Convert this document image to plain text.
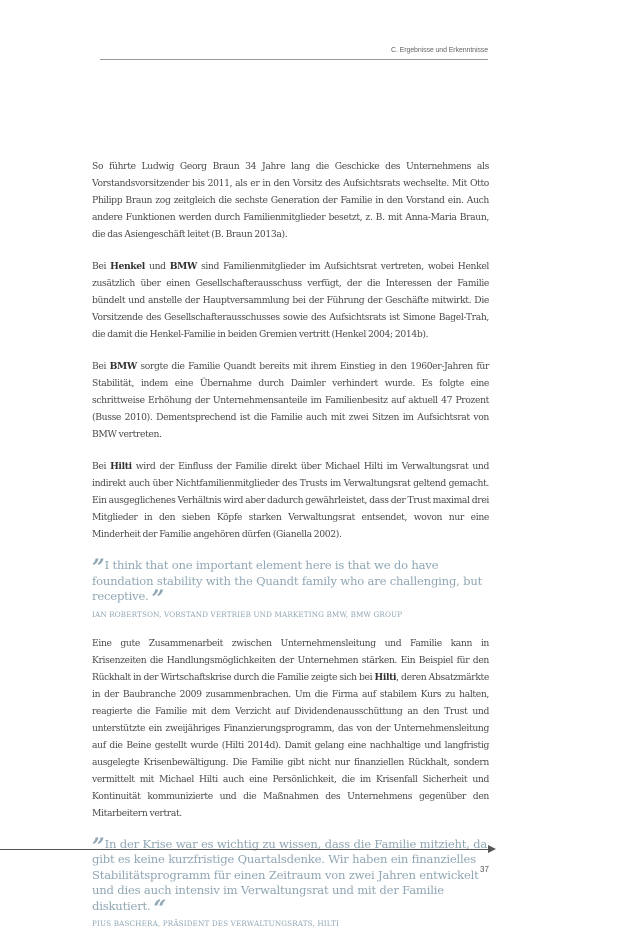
C. Ergebnisse und Erkenntnisse

So führte Ludwig Georg Braun 34 Jahre lang die Geschicke des Unternehmens als Vorstandsvorsitzender bis 2011, als er in den Vorsitz des Aufsichtsrats wechselte. Mit Otto Philipp Braun zog zeitgleich die sechste Generation der Familie in den Vorstand ein. Auch andere Funktionen werden durch Familienmitglieder besetzt, z. B. mit Anna-Maria Braun, die das Asiengeschäft leitet (B. Braun 2013a).

Bei Henkel und BMW sind Familienmitglieder im Aufsichtsrat vertreten, wobei Henkel zusätzlich über einen Gesellschafterausschuss verfügt, der die Interessen der Familie bündelt und anstelle der Hauptversammlung bei der Führung der Geschäfte mitwirkt. Die Vorsitzende des Gesellschafterausschusses sowie des Aufsichtsrats ist Simone Bagel-Trah, die damit die Henkel-Familie in beiden Gremien vertritt (Henkel 2004; 2014b).

Bei BMW sorgte die Familie Quandt bereits mit ihrem Einstieg in den 1960er-Jahren für Stabilität, indem eine Übernahme durch Daimler verhindert wurde. Es folgte eine schrittweise Erhöhung der Unternehmensanteile im Familienbesitz auf aktuell 47 Prozent (Busse 2010). Dementsprechend ist die Familie auch mit zwei Sitzen im Aufsichtsrat von BMW vertreten.

Bei Hilti wird der Einfluss der Familie direkt über Michael Hilti im Verwaltungsrat und indirekt auch über Nichtfamilienmitglieder des Trusts im Verwaltungsrat geltend gemacht. Ein ausgeglichenes Verhältnis wird aber dadurch gewährleistet, dass der Trust maximal drei Mitglieder in den sieben Köpfe starken Verwaltungsrat entsendet, wovon nur eine Minderheit der Familie angehören dürfen (Gianella 2002).

” I think that one important element here is that we do have foundation stability with the Quandt family who are challenging, but receptive. ”

IAN ROBERTSON, VORSTAND VERTRIEB UND MARKETING BMW, BMW GROUP

Eine gute Zusammenarbeit zwischen Unternehmensleitung und Familie kann in Krisenzeiten die Handlungsmöglichkeiten der Unternehmen stärken. Ein Beispiel für den Rückhalt in der Wirtschaftskrise durch die Familie zeigte sich bei Hilti, deren Absatzmärkte in der Baubranche 2009 zusammenbrachen. Um die Firma auf stabilem Kurs zu halten, reagierte die Familie mit dem Verzicht auf Dividendenausschüttung an den Trust und unterstützte ein zweijähriges Finanzierungsprogramm, das von der Unternehmensleitung auf die Beine gestellt wurde (Hilti 2014d). Damit gelang eine nachhaltige und langfristig ausgelegte Krisenbewältigung. Die Familie gibt nicht nur finanziellen Rückhalt, sondern vermittelt mit Michael Hilti auch eine Persönlichkeit, die im Krisenfall Sicherheit und Kontinuität kommunizierte und die Maßnahmen des Unternehmens gegenüber den Mitarbeitern vertrat.

” In der Krise war es wichtig zu wissen, dass die Familie mitzieht, da gibt es keine kurzfristige Quartalsdenke. Wir haben ein finanzielles Stabilitätsprogramm für einen Zeitraum von zwei Jahren entwickelt und dies auch intensiv im Verwaltungsrat und mit der Familie diskutiert. “

PIUS BASCHERA, PRÄSIDENT DES VERWALTUNGSRATS, HILTI
37
